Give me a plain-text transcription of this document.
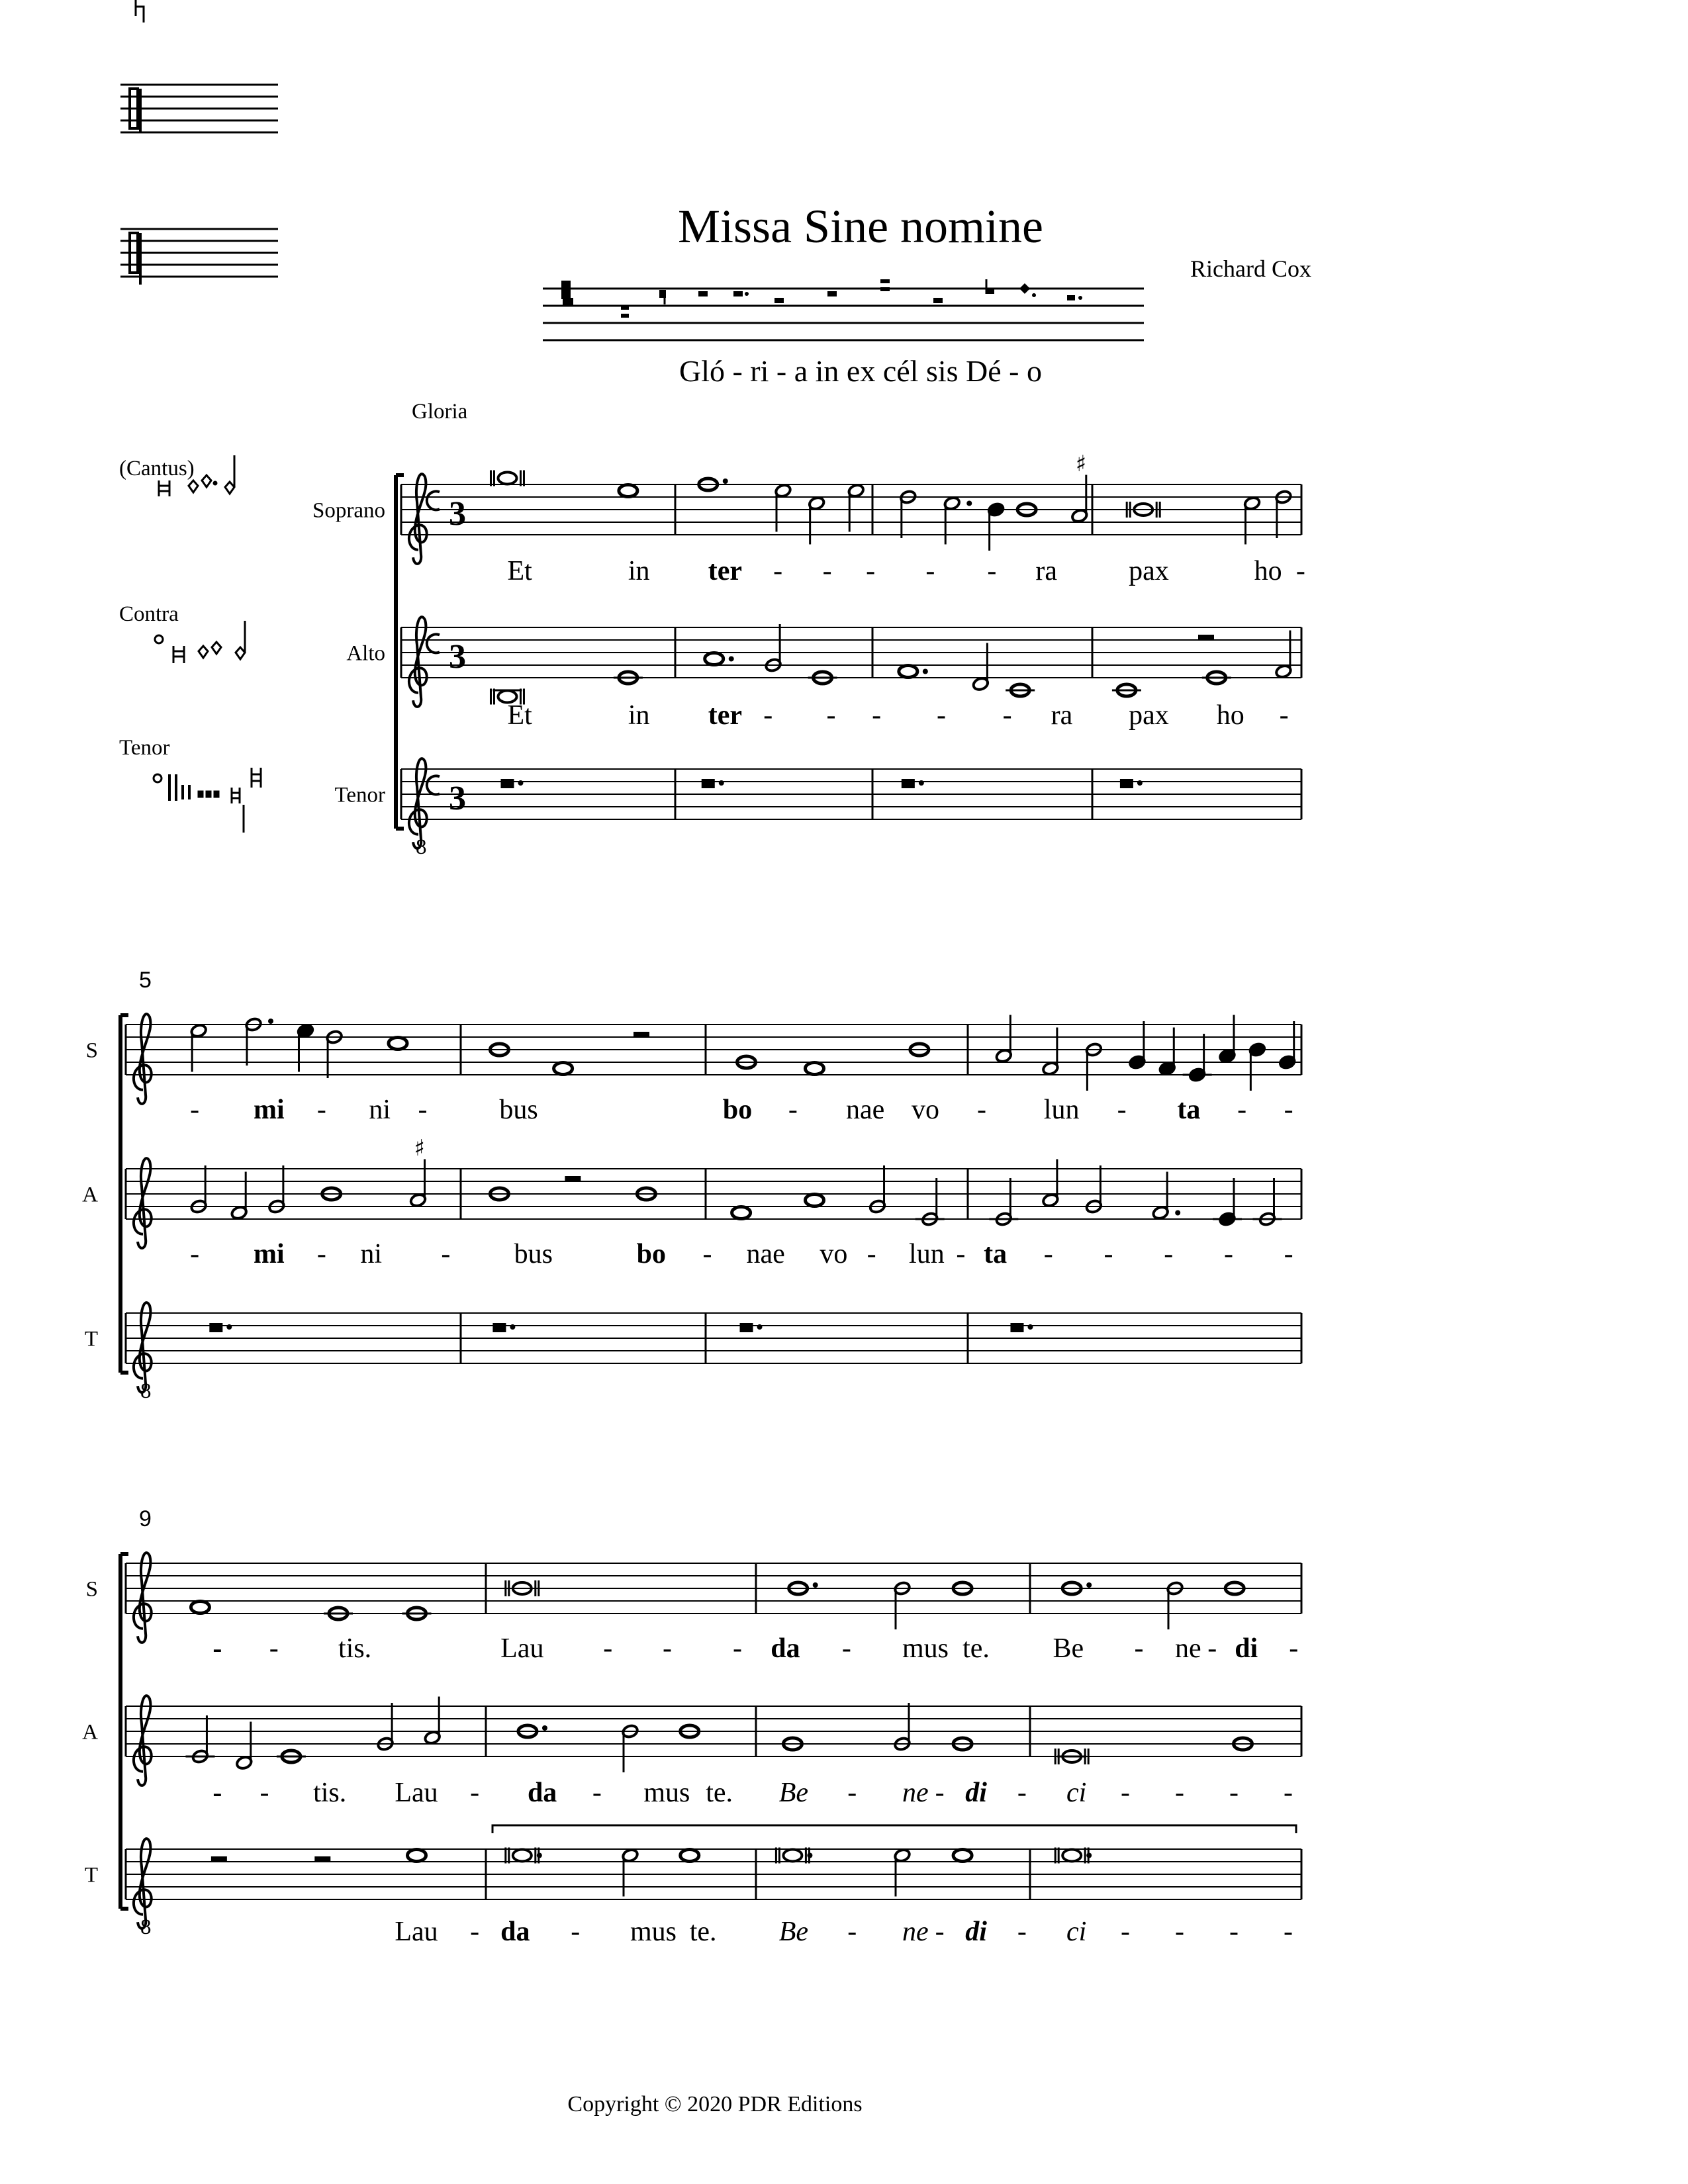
Missa Sine nomine
Richard Cox
Gló - ri - a in ex cél sis Dé - o
Gloria
(Cantus)
Contra
Tenor
Soprano 3
♯
Et	in ter - - - - - ra	pax	ho -
Alto 3
Et	in ter - - - - - ra pax ho -
Tenor
8
3
5
S
- mi - ni -	bus	bo - nae vo - lun - ta - -
A
♯
- mi - ni - bus	bo - nae vo - lun - ta - - - - -
T
8
9
S
- - tis.	Lau - - - da - mus te. Be - ne - di -
A
- - tis. Lau - da - mus te. Be - ne - di - ci - - - -
T
8	Lau - da - mus te. Be - ne - di - ci - - - -
Copyright © 2020 PDR Editions
